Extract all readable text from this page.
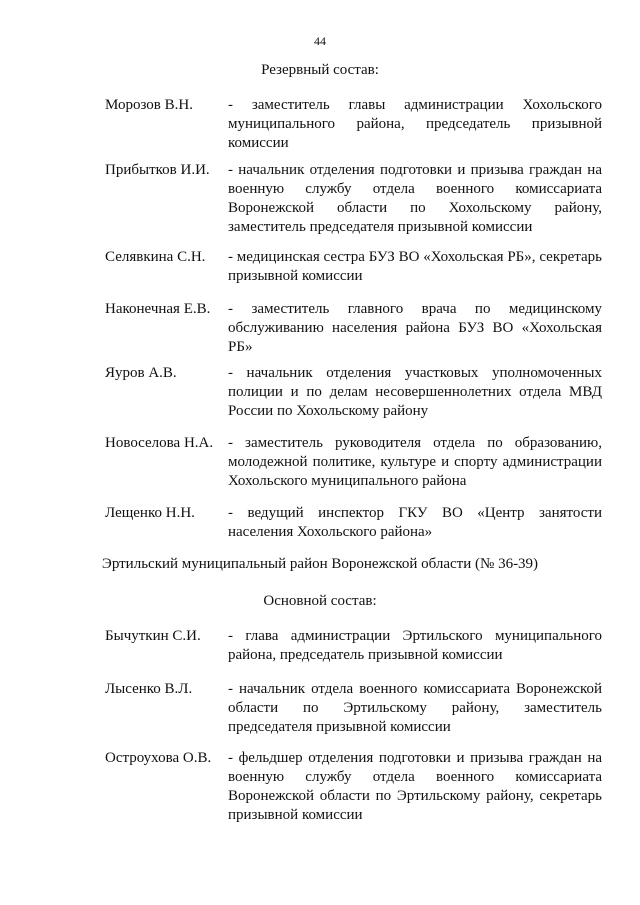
44
Резервный состав:
Морозов В.Н. - заместитель главы администрации Хохольского муниципального района, председатель призывной комиссии
Прибытков И.И. - начальник отделения подготовки и призыва граждан на военную службу отдела военного комиссариата Воронежской области по Хохольскому району, заместитель председателя призывной комиссии
Селявкина С.Н. - медицинская сестра БУЗ ВО «Хохольская РБ», секретарь призывной комиссии
Наконечная Е.В. - заместитель главного врача по медицинскому обслуживанию населения района БУЗ ВО «Хохольская РБ»
Яуров А.В.	- начальник отделения участковых уполномоченных полиции и по делам несовершеннолетних отдела МВД России по Хохольскому району
Новоселова Н.А. - заместитель руководителя отдела по образованию, молодежной политике, культуре и спорту администрации Хохольского муниципального района
Лещенко Н.Н. - ведущий инспектор ГКУ ВО «Центр занятости населения Хохольского района»
Эртильский муниципальный район Воронежской области (№ 36-39)
Основной состав:
Бычуткин С.И. - глава администрации Эртильского муниципального района, председатель призывной комиссии
Лысенко В.Л. - начальник отдела военного комиссариата Воронежской области по Эртильскому району, заместитель председателя призывной комиссии
Остроухова О.В. - фельдшер отделения подготовки и призыва граждан на военную службу отдела военного комиссариата Воронежской области по Эртильскому району, секретарь призывной комиссии
